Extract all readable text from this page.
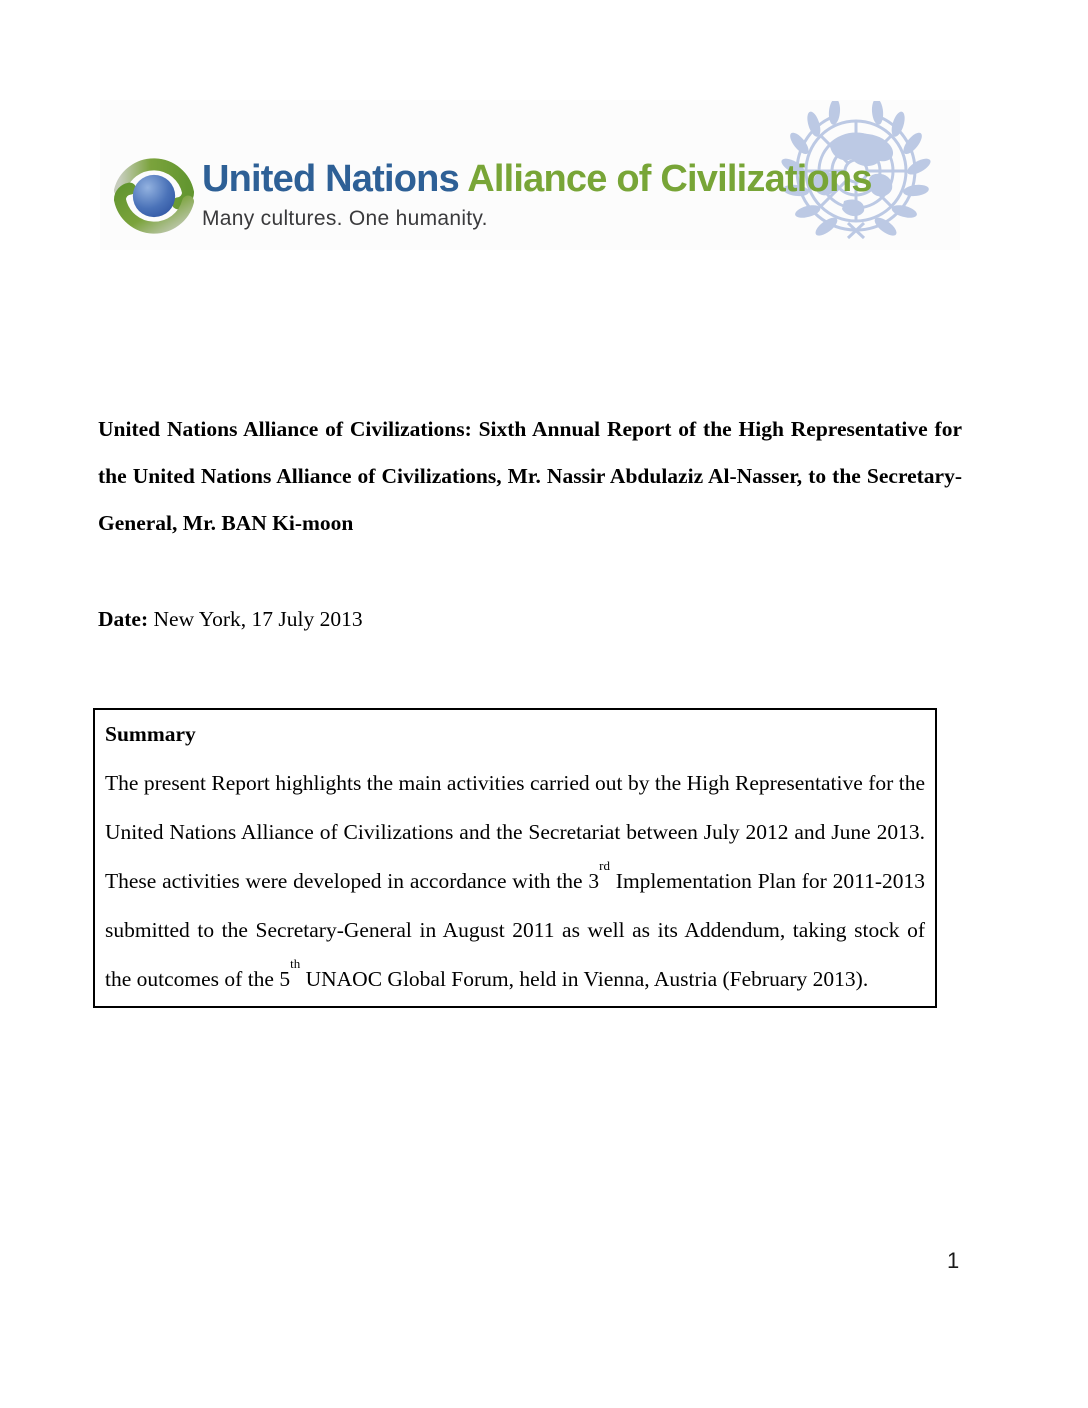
United Nations Alliance of Civilizations
Many cultures. One humanity.
United Nations Alliance of Civilizations: Sixth Annual Report of the High Representative for
the United Nations Alliance of Civilizations, Mr. Nassir Abdulaziz Al-Nasser, to the Secretary-
General, Mr. BAN Ki-moon

Date: New York, 17 July 2013

Summary

The present Report highlights the main activities carried out by the High Representative for the United Nations Alliance of Civilizations and the Secretariat between July 2012 and June 2013. These activities were developed in accordance with the 3rd Implementation Plan for 2011-2013 submitted to the Secretary-General in August 2011 as well as its Addendum, taking stock of the outcomes of the 5th UNAOC Global Forum, held in Vienna, Austria (February 2013).

1
